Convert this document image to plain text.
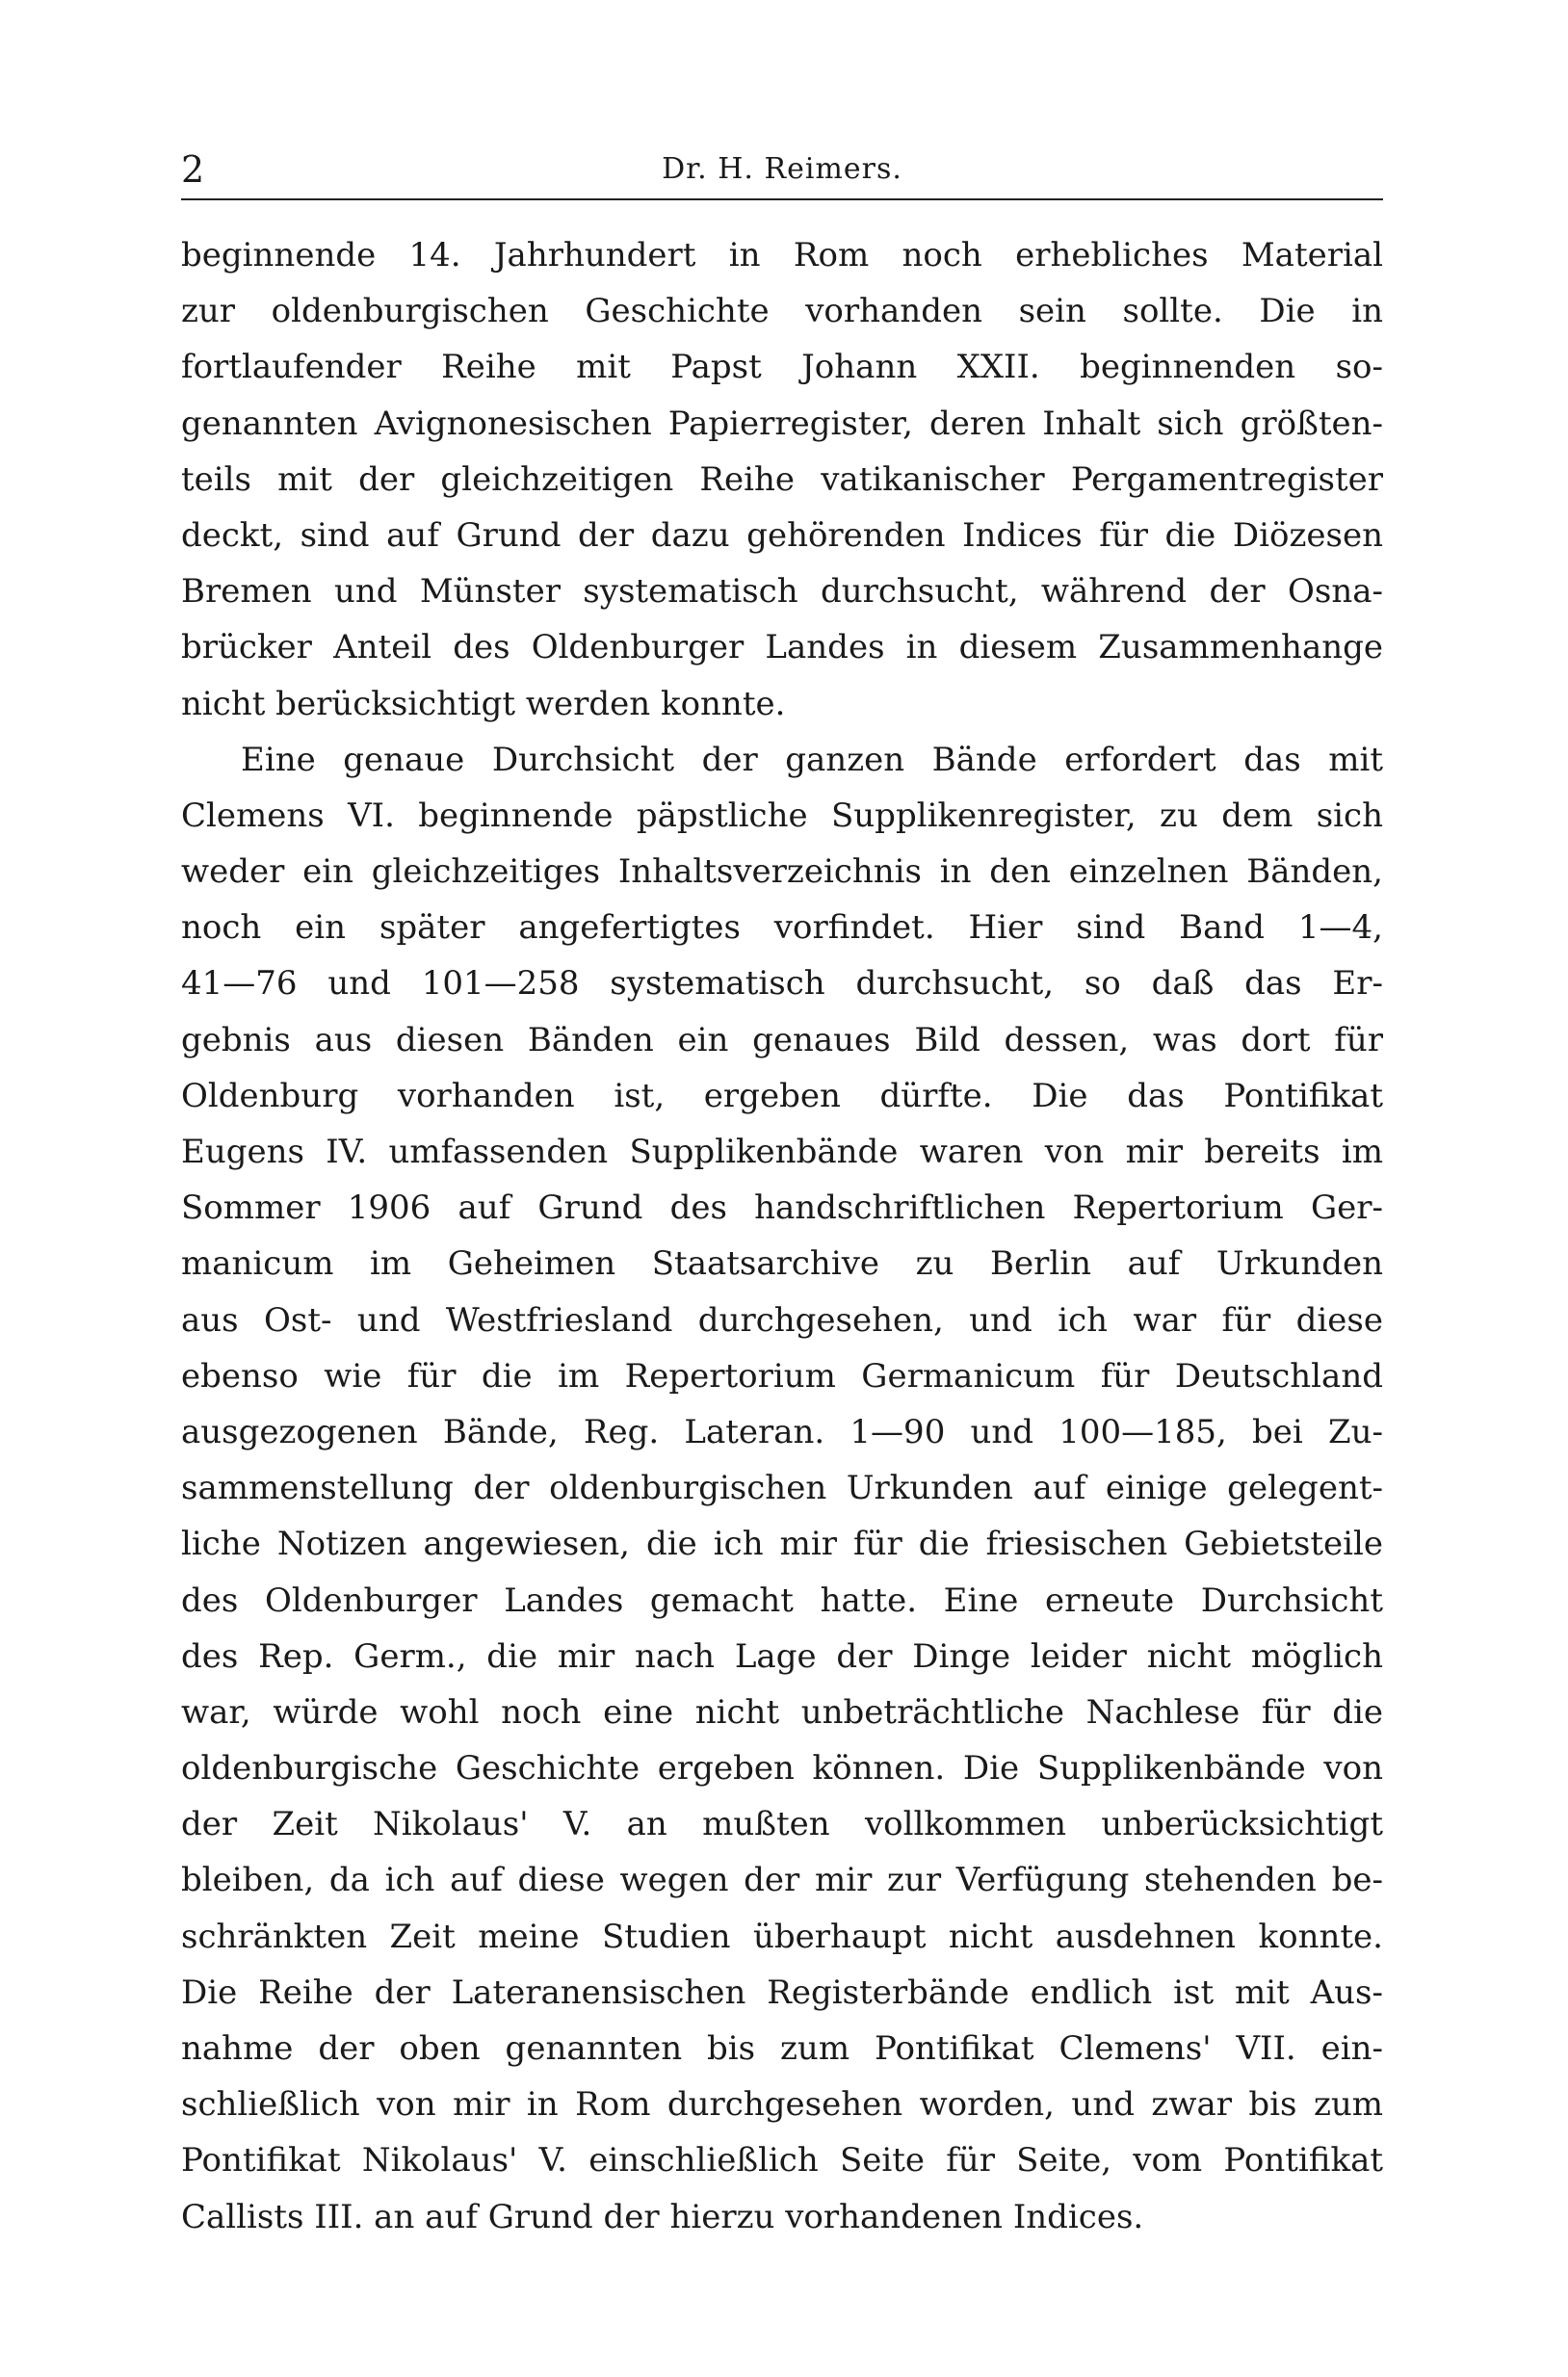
2	Dr. H. Reimers.
beginnende 14. Jahrhundert in Rom noch erhebliches Material
zur oldenburgischen Geschichte vorhanden sein sollte. Die in
fortlaufender Reihe mit Papst Johann XXII. beginnenden so-
genannten Avignonesischen Papierregister, deren Inhalt sich größten-
teils mit der gleichzeitigen Reihe vatikanischer Pergamentregister
deckt, sind auf Grund der dazu gehörenden Indices für die Diözesen
Bremen und Münster systematisch durchsucht, während der Osna-
brücker Anteil des Oldenburger Landes in diesem Zusammenhange
nicht berücksichtigt werden konnte.
Eine genaue Durchsicht der ganzen Bände erfordert das mit
Clemens VI. beginnende päpstliche Supplikenregister, zu dem sich
weder ein gleichzeitiges Inhaltsverzeichnis in den einzelnen Bänden,
noch ein später angefertigtes vorfindet. Hier sind Band 1—4,
41—76 und 101—258 systematisch durchsucht, so daß das Er-
gebnis aus diesen Bänden ein genaues Bild dessen, was dort für
Oldenburg vorhanden ist, ergeben dürfte. Die das Pontifikat
Eugens IV. umfassenden Supplikenbände waren von mir bereits im
Sommer 1906 auf Grund des handschriftlichen Repertorium Ger-
manicum im Geheimen Staatsarchive zu Berlin auf Urkunden
aus Ost- und Westfriesland durchgesehen, und ich war für diese
ebenso wie für die im Repertorium Germanicum für Deutschland
ausgezogenen Bände, Reg. Lateran. 1—90 und 100—185, bei Zu-
sammenstellung der oldenburgischen Urkunden auf einige gelegent-
liche Notizen angewiesen, die ich mir für die friesischen Gebietsteile
des Oldenburger Landes gemacht hatte. Eine erneute Durchsicht
des Rep. Germ., die mir nach Lage der Dinge leider nicht möglich
war, würde wohl noch eine nicht unbeträchtliche Nachlese für die
oldenburgische Geschichte ergeben können. Die Supplikenbände von
der Zeit Nikolaus' V. an mußten vollkommen unberücksichtigt
bleiben, da ich auf diese wegen der mir zur Verfügung stehenden be-
schränkten Zeit meine Studien überhaupt nicht ausdehnen konnte.
Die Reihe der Lateranensischen Registerbände endlich ist mit Aus-
nahme der oben genannten bis zum Pontifikat Clemens' VII. ein-
schließlich von mir in Rom durchgesehen worden, und zwar bis zum
Pontifikat Nikolaus' V. einschließlich Seite für Seite, vom Pontifikat
Callists III. an auf Grund der hierzu vorhandenen Indices.
